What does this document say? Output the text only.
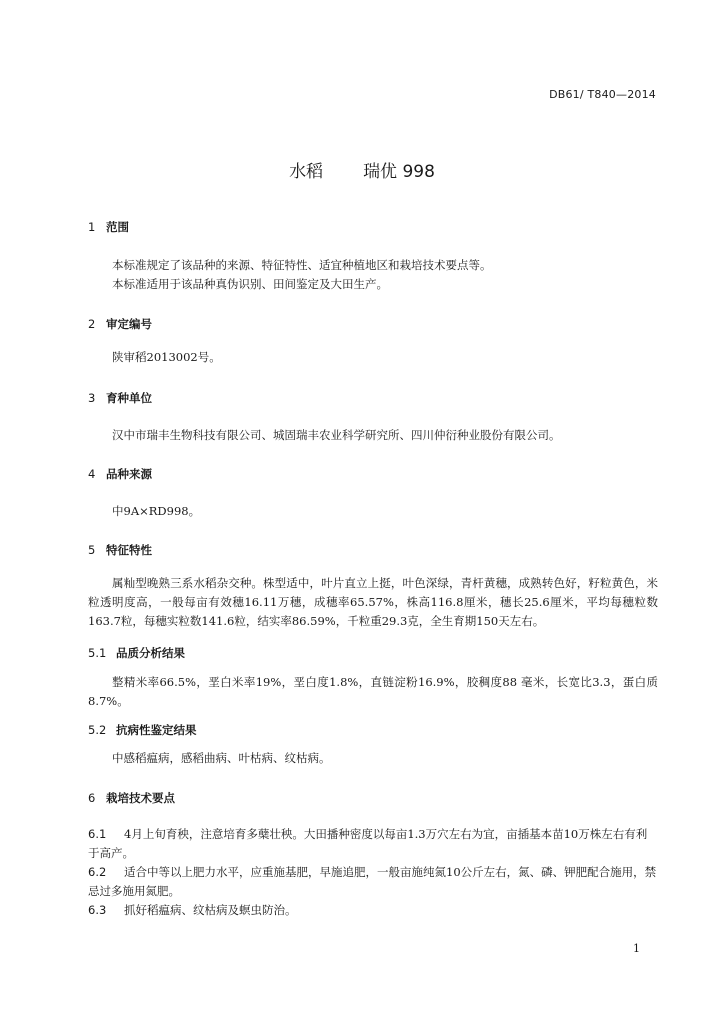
DB61/ T840—2014
水稻 瑞优 998
1 范围
本标准规定了该品种的来源、特征特性、适宜种植地区和栽培技术要点等。
本标准适用于该品种真伪识别、田间鉴定及大田生产。
2 审定编号
陕审稻2013002号。
3 育种单位
汉中市瑞丰生物科技有限公司、城固瑞丰农业科学研究所、四川仲衍种业股份有限公司。
4 品种来源
中9A×RD998。
5 特征特性
属籼型晚熟三系水稻杂交种。株型适中，叶片直立上挺，叶色深绿，青杆黄穗，成熟转色好，籽粒黄色，米粒透明度高，一般每亩有效穗16.11万穗，成穗率65.57%，株高116.8厘米，穗长25.6厘米，平均每穗粒数163.7粒，每穗实粒数141.6粒，结实率86.59%，千粒重29.3克，全生育期150天左右。
5.1 品质分析结果
整精米率66.5%，垩白米率19%，垩白度1.8%，直链淀粉16.9%，胶稠度88 毫米，长宽比3.3，蛋白质8.7%。
5.2 抗病性鉴定结果
中感稻瘟病，感稻曲病、叶枯病、纹枯病。
6 栽培技术要点
6.1 4月上旬育秧，注意培育多蘖壮秧。大田播种密度以每亩1.3万穴左右为宜，亩插基本苗10万株左右有利于高产。
6.2 适合中等以上肥力水平，应重施基肥，早施追肥，一般亩施纯氮10公斤左右，氮、磷、钾肥配合施用，禁忌过多施用氮肥。
6.3 抓好稻瘟病、纹枯病及螟虫防治。
1
